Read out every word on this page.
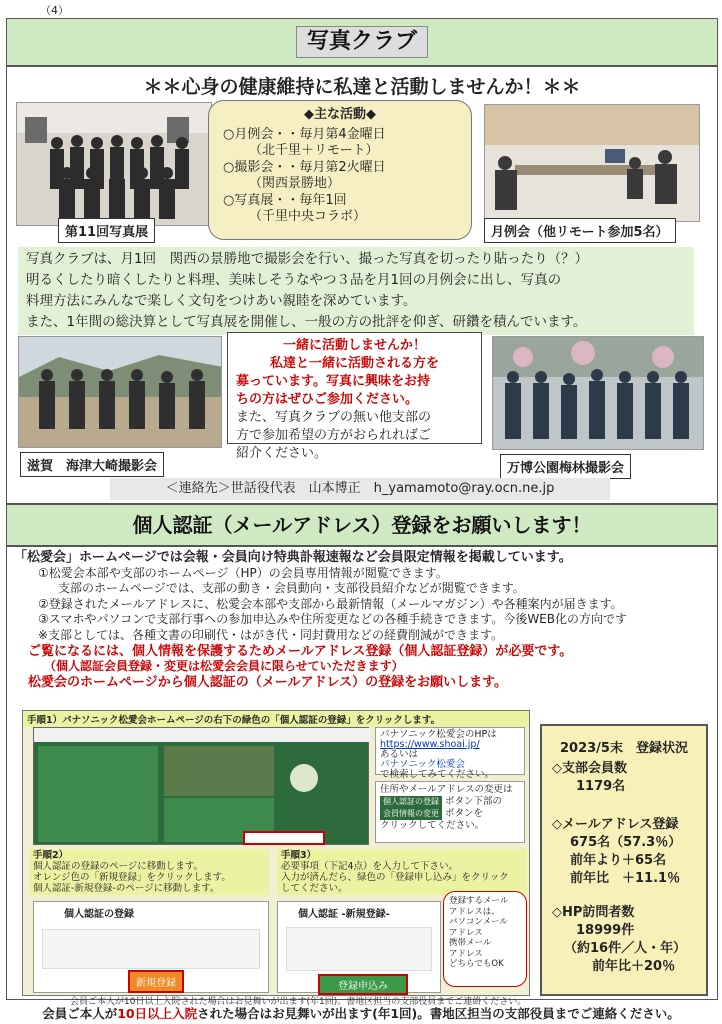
（4）
写真クラブ
＊＊心身の健康維持に私達と活動しませんか！＊＊
第11回写真展
◆主な活動◆
○月例会・・毎月第4金曜日
（北千里＋リモート）
○撮影会・・毎月第2火曜日
（関西景勝地）
○写真展・・毎年1回
（千里中央コラボ）
月例会（他リモート参加5名）
写真クラブは、月1回　関西の景勝地で撮影会を行い、撮った写真を切ったり貼ったり（？）
明るくしたり暗くしたりと料理、美味しそうなやつ３品を月1回の月例会に出し、写真の
料理方法にみんなで楽しく文句をつけあい親睦を深めています。
また、1年間の総決算として写真展を開催し、一般の方の批評を仰ぎ、研鑽を積んでいます。
滋賀　海津大崎撮影会
一緒に活動しませんか！
私達と一緒に活動される方を
募っています。写真に興味をお持
ちの方はぜひご参加ください。
また、写真クラブの無い他支部の
方で参加希望の方がおられればご
紹介ください。
万博公園梅林撮影会
＜連絡先＞世話役代表　山本博正　h_yamamoto@ray.ocn.ne.jp
個人認証（メールアドレス）登録をお願いします！
「松愛会」ホームページでは会報・会員向け特典訃報速報など会員限定情報を掲載しています。
①松愛会本部や支部のホームページ（HP）の会員専用情報が閲覧できます。
支部のホームページでは、支部の動き・会員動向・支部役員紹介などが閲覧できます。
②登録されたメールアドレスに、松愛会本部や支部から最新情報（メールマガジン）や各種案内が届きます。
③スマホやパソコンで支部行事への参加申込みや住所変更などの各種手続きできます。今後WEB化の方向です
※支部としては、各種文書の印刷代・はがき代・同封費用などの経費削減ができます。
ご覧になるには、個人情報を保護するためメールアドレス登録（個人認証登録）が必要です。
（個人認証会員登録・変更は松愛会会員に限らせていただきます）
松愛会のホームページから個人認証の（メールアドレス）の登録をお願いします。
手順1）パナソニック松愛会ホームページの右下の緑色の「個人認証の登録」をクリックします。
パナソニック松愛会のHPは
https://www.shoai.jp/
あるいは
パナソニック松愛会
で検索してみてください。
住所やメールアドレスの変更は
個人認証の登録 ボタン下部の
会員情報の変更 ボタンを
クリックしてください。
手順2）
個人認証の登録のページに移動します。
オレンジ色の「新規登録」をクリックします。
個人認証-新規登録-のページに移動します。
手順3）
必要事項（下記4点）を入力して下さい。
入力が済んだら、緑色の「登録申し込み」をクリック
してください。
個人認証の登録
新規登録
個人認証 -新規登録-
登録申込み
登録するメール
アドレスは、
パソコンメール
アドレス
携帯メール
アドレス
どちらでもOK
2023/5末　登録状況
◇支部会員数
1179名
◇メールアドレス登録
675名（57.3％）
前年より＋65名
前年比　＋11.1％
◇HP訪問者数
18999件
（約16件／人・年）
前年比＋20％
会員ご本人が10日以上入院された場合はお見舞いが出ます(年1回)。書地区担当の支部役員までご連絡ください。
会員ご本人が10日以上入院された場合はお見舞いが出ます(年1回)。書地区担当の支部役員までご連絡ください。
